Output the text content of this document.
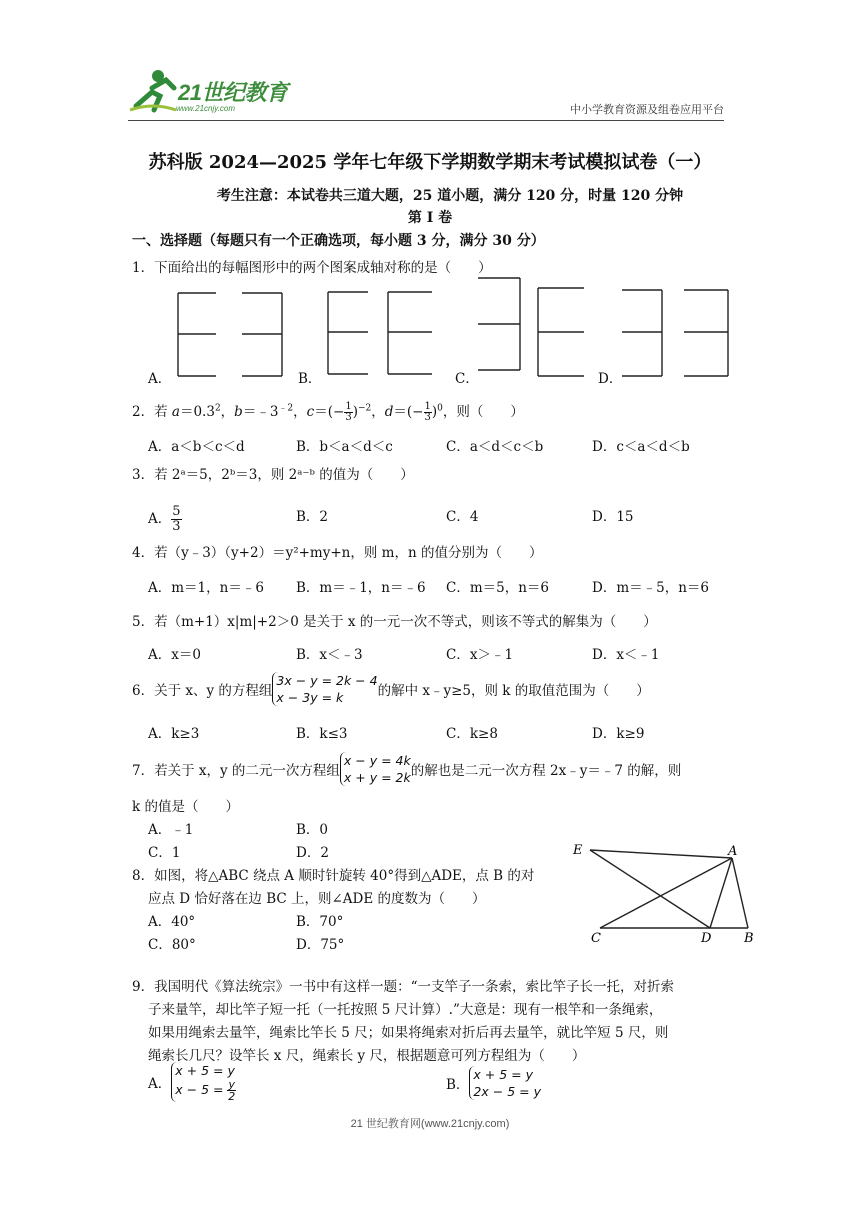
21世纪教育
www.21cnjy.com	中小学教育资源及组卷应用平台
苏科版 2024—2025 学年七年级下学期数学期末考试模拟试卷（一）
考生注意：本试卷共三道大题，25 道小题，满分 120 分，时量 120 分钟
第 I 卷
一、选择题（每题只有一个正确选项，每小题 3 分，满分 30 分）
1．下面给出的每幅图形中的两个图案成轴对称的是（　　）
A．	B．	C．	D．
2．若 $a=0.3^2$，$b=﹣3^{﹣2}$，$c=(- \frac{1}{3} )^{-2}$，$d=(- \frac{1}{3} )^0$，则（　　）
A．a＜b＜c＜d	B．b＜a＜d＜c	C．a＜d＜c＜b	D．c＜a＜d＜b
3．若 2ᵃ＝5，2ᵇ＝3，则 2ᵃ⁻ᵇ 的值为（　　）
A． $\frac{5}{3}$	B．2	C．4	D．15
4．若（y﹣3）（y+2）＝y²+my+n，则 m，n 的值分别为（　　）
A．m＝1，n＝﹣6 B．m＝﹣1，n＝﹣6 C．m＝5，n＝6	D．m＝﹣5，n＝6
5．若（m+1）x|m|+2＞0 是关于 x 的一元一次不等式，则该不等式的解集为（　　）
A．x＝0	B．x＜﹣3	C．x＞﹣1	D．x＜﹣1
6．关于 x、y 的方程组3x − y = 2k − 4
x − 3y = k	的解中 x﹣y≥5，则 k 的取值范围为（　　）
A．k≥3	B．k≤3	C．k≥8	D．k≥9
7．若关于 x，y 的二元一次方程组x − y = 4k
x + y = 2k的解也是二元一次方程 2x﹣y＝﹣7 的解，则
k 的值是（　　）
A．﹣1	B．0
C．1	D．2
8．如图，将△ABC 绕点 A 顺时针旋转 40°得到△ADE，点 B 的对
应点 D 恰好落在边 BC 上，则∠ADE 的度数为（　　）
A．40°	B．70°
C．80°	D．75°
E	A
C	D	B
9．我国明代《算法统宗》一书中有这样一题：“一支竿子一条索，索比竿子长一托，对折索
子来量竿，却比竿子短一托（一托按照 5 尺计算）.”大意是：现有一根竿和一条绳索，
如果用绳索去量竿，绳索比竿长 5 尺；如果将绳索对折后再去量竿，就比竿短 5 尺，则
绳索长几尺？设竿长 x 尺，绳索长 y 尺，根据题意可列方程组为（　　）
A．x + 5 = y
$x - 5 = \frac{y}{2}$	B．x + 5 = y
2x − 5 = y
21 世纪教育网(www.21cnjy.com)
